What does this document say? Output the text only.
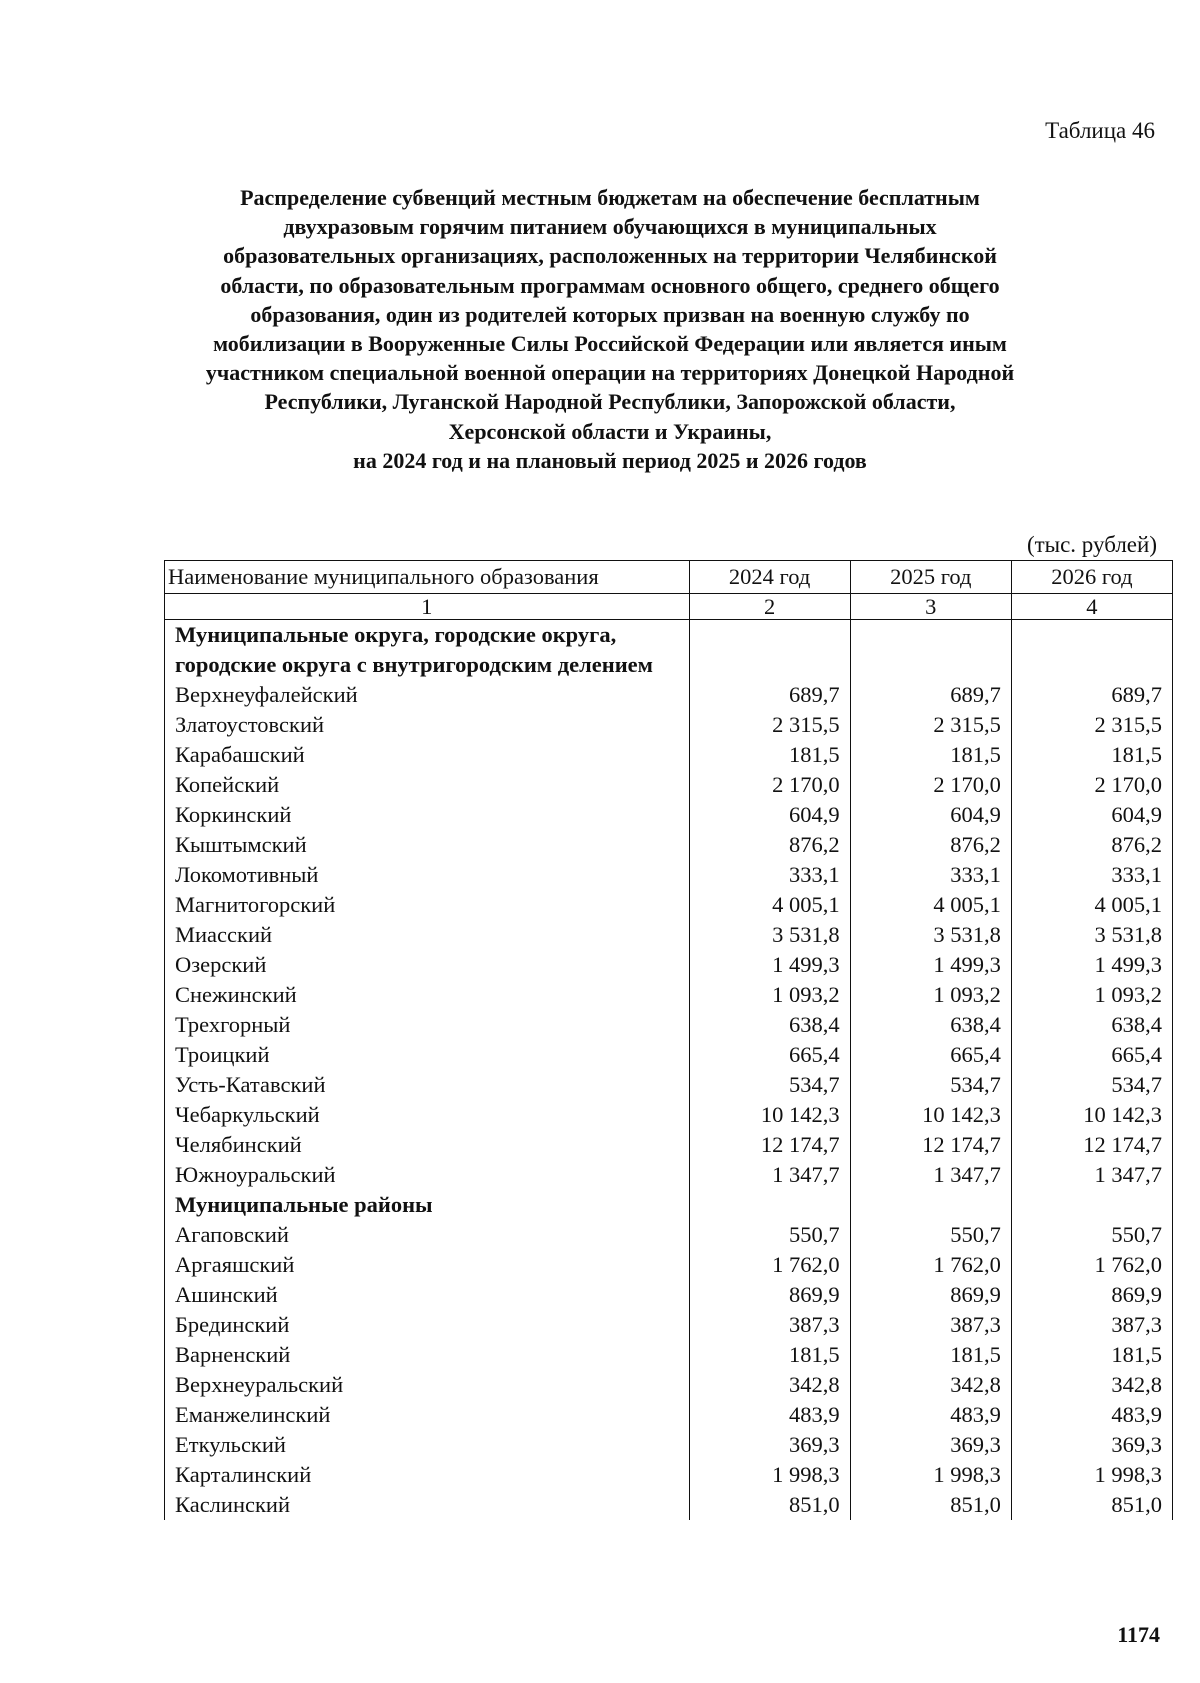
Таблица 46
Распределение субвенций местным бюджетам на обеспечение бесплатным
двухразовым горячим питанием обучающихся в муниципальных
образовательных организациях, расположенных на территории Челябинской
области, по образовательным программам основного общего, среднего общего
образования, один из родителей которых призван на военную службу по
мобилизации в Вооруженные Силы Российской Федерации или является иным
участником специальной военной операции на территориях Донецкой Народной
Республики, Луганской Народной Республики, Запорожской области,
Херсонской области и Украины,
на 2024 год и на плановый период 2025 и 2026 годов
(тыс. рублей)
Наименование муниципального образования	2024 год	2025 год	2026 год
1	2	3	4
Муниципальные округа, городские округа, городские округа с внутригородским делением			
Верхнеуфалейский	689,7	689,7	689,7
Златоустовский	2 315,5	2 315,5	2 315,5
Карабашский	181,5	181,5	181,5
Копейский	2 170,0	2 170,0	2 170,0
Коркинский	604,9	604,9	604,9
Кыштымский	876,2	876,2	876,2
Локомотивный	333,1	333,1	333,1
Магнитогорский	4 005,1	4 005,1	4 005,1
Миасский	3 531,8	3 531,8	3 531,8
Озерский	1 499,3	1 499,3	1 499,3
Снежинский	1 093,2	1 093,2	1 093,2
Трехгорный	638,4	638,4	638,4
Троицкий	665,4	665,4	665,4
Усть-Катавский	534,7	534,7	534,7
Чебаркульский	10 142,3	10 142,3	10 142,3
Челябинский	12 174,7	12 174,7	12 174,7
Южноуральский	1 347,7	1 347,7	1 347,7
Муниципальные районы			
Агаповский	550,7	550,7	550,7
Аргаяшский	1 762,0	1 762,0	1 762,0
Ашинский	869,9	869,9	869,9
Брединский	387,3	387,3	387,3
Варненский	181,5	181,5	181,5
Верхнеуральский	342,8	342,8	342,8
Еманжелинский	483,9	483,9	483,9
Еткульский	369,3	369,3	369,3
Карталинский	1 998,3	1 998,3	1 998,3
Каслинский	851,0	851,0	851,0
1174
